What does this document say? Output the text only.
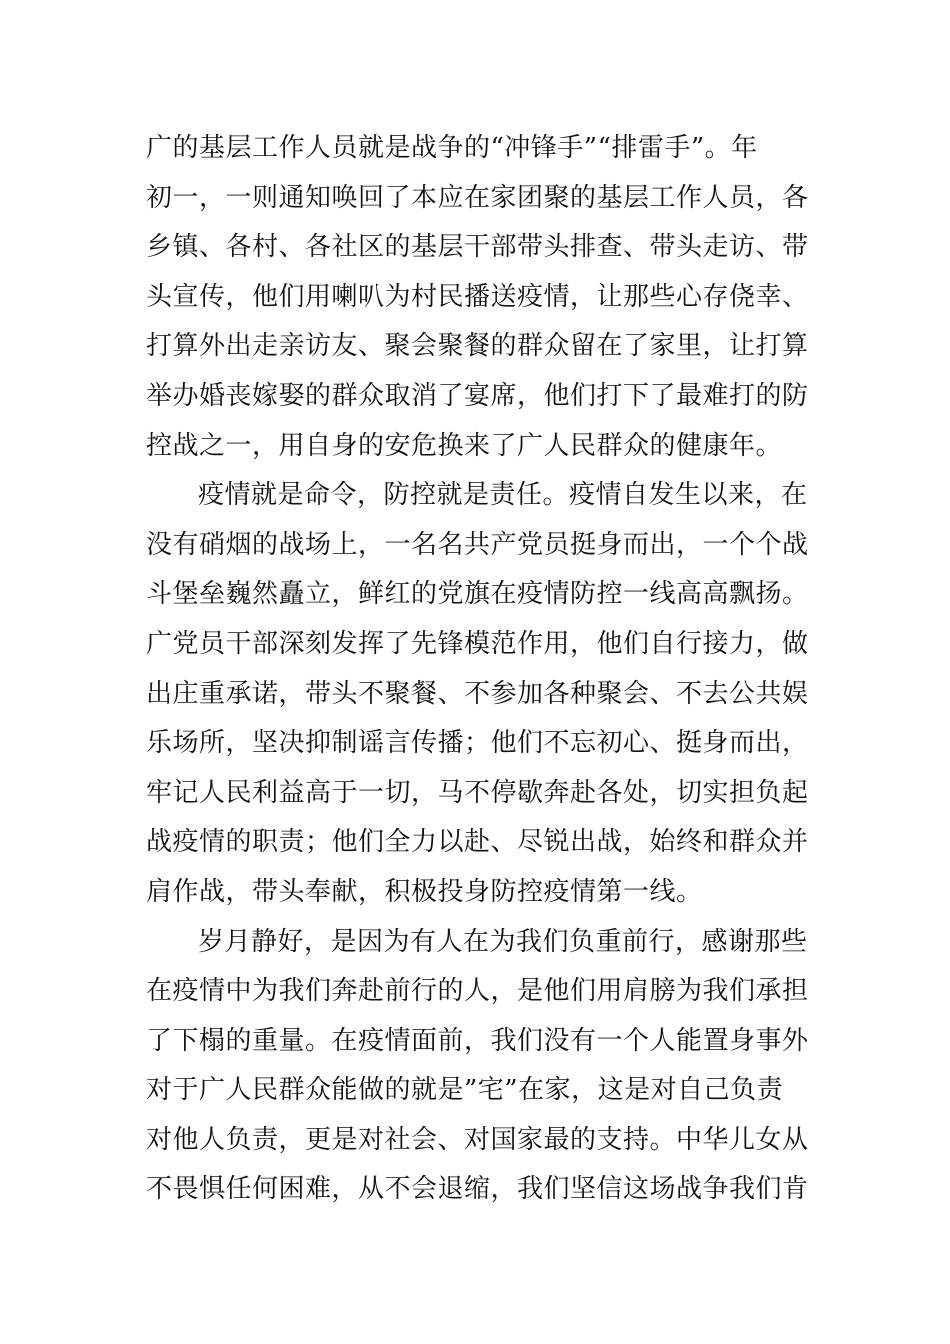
广的基层工作人员就是战争的“冲锋手”“排雷手”。年
初一，一则通知唤回了本应在家团聚的基层工作人员，各
乡镇、各村、各社区的基层干部带头排查、带头走访、带
头宣传，他们用喇叭为村民播送疫情，让那些心存侥幸、
打算外出走亲访友、聚会聚餐的群众留在了家里，让打算
举办婚丧嫁娶的群众取消了宴席，他们打下了最难打的防
控战之一，用自身的安危换来了广人民群众的健康年。
疫情就是命令，防控就是责任。疫情自发生以来，在
没有硝烟的战场上，一名名共产党员挺身而出，一个个战
斗堡垒巍然矗立，鲜红的党旗在疫情防控一线高高飘扬。
广党员干部深刻发挥了先锋模范作用，他们自行接力，做
出庄重承诺，带头不聚餐、不参加各种聚会、不去公共娱
乐场所，坚决抑制谣言传播；他们不忘初心、挺身而出，
牢记人民利益高于一切，马不停歇奔赴各处，切实担负起
战疫情的职责；他们全力以赴、尽锐出战，始终和群众并
肩作战，带头奉献，积极投身防控疫情第一线。
岁月静好，是因为有人在为我们负重前行，感谢那些
在疫情中为我们奔赴前行的人，是他们用肩膀为我们承担
了下榻的重量。在疫情面前，我们没有一个人能置身事外
对于广人民群众能做的就是”宅”在家，这是对自己负责
对他人负责，更是对社会、对国家最的支持。中华儿女从
不畏惧任何困难，从不会退缩，我们坚信这场战争我们肯
